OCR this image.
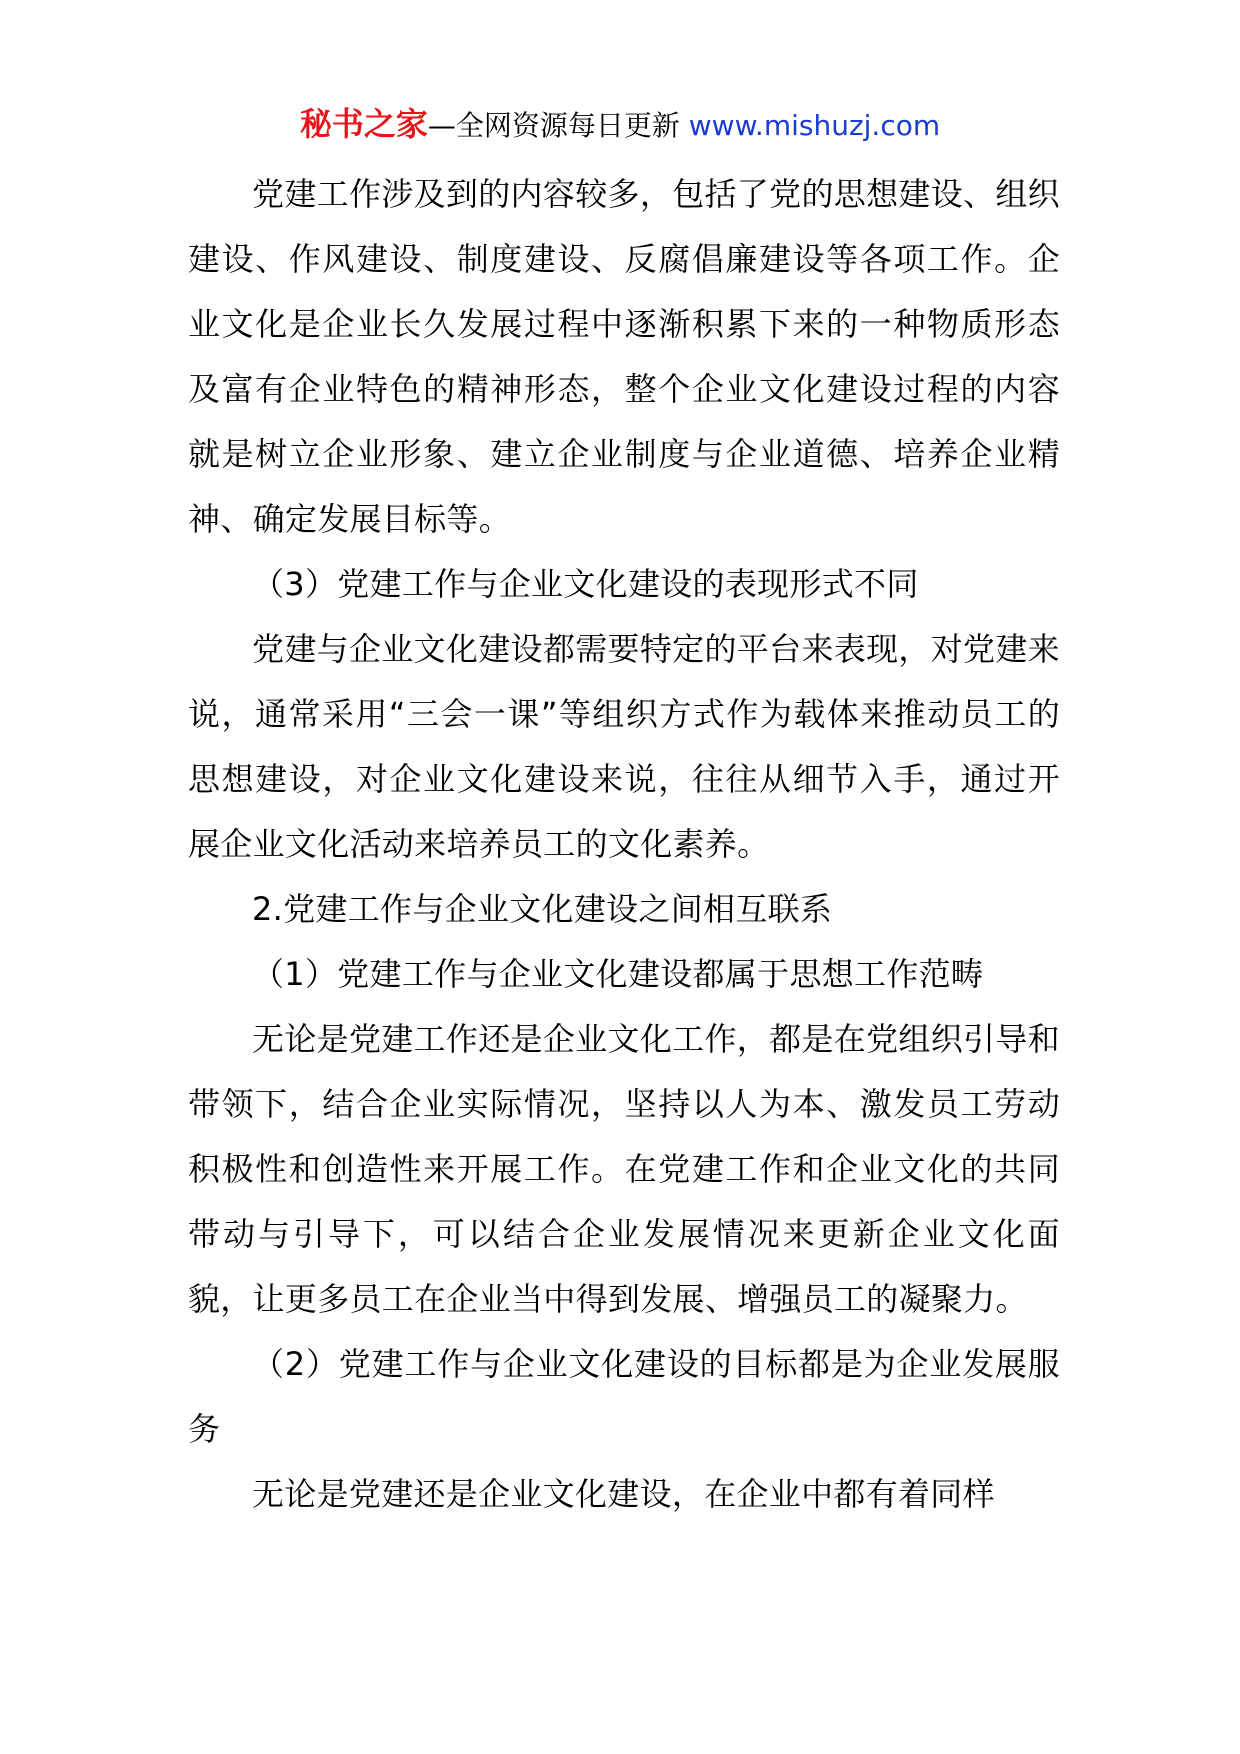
秘书之家—全网资源每日更新 www.mishuzj.com

党建工作涉及到的内容较多，包括了党的思想建设、组织建设、作风建设、制度建设、反腐倡廉建设等各项工作。企业文化是企业长久发展过程中逐渐积累下来的一种物质形态及富有企业特色的精神形态，整个企业文化建设过程的内容就是树立企业形象、建立企业制度与企业道德、培养企业精神、确定发展目标等。

（3）党建工作与企业文化建设的表现形式不同

党建与企业文化建设都需要特定的平台来表现，对党建来说，通常采用“三会一课”等组织方式作为载体来推动员工的思想建设，对企业文化建设来说，往往从细节入手，通过开展企业文化活动来培养员工的文化素养。

2.党建工作与企业文化建设之间相互联系

（1）党建工作与企业文化建设都属于思想工作范畴

无论是党建工作还是企业文化工作，都是在党组织引导和带领下，结合企业实际情况，坚持以人为本、激发员工劳动积极性和创造性来开展工作。在党建工作和企业文化的共同带动与引导下，可以结合企业发展情况来更新企业文化面貌，让更多员工在企业当中得到发展、增强员工的凝聚力。

（2）党建工作与企业文化建设的目标都是为企业发展服务

无论是党建还是企业文化建设，在企业中都有着同样
